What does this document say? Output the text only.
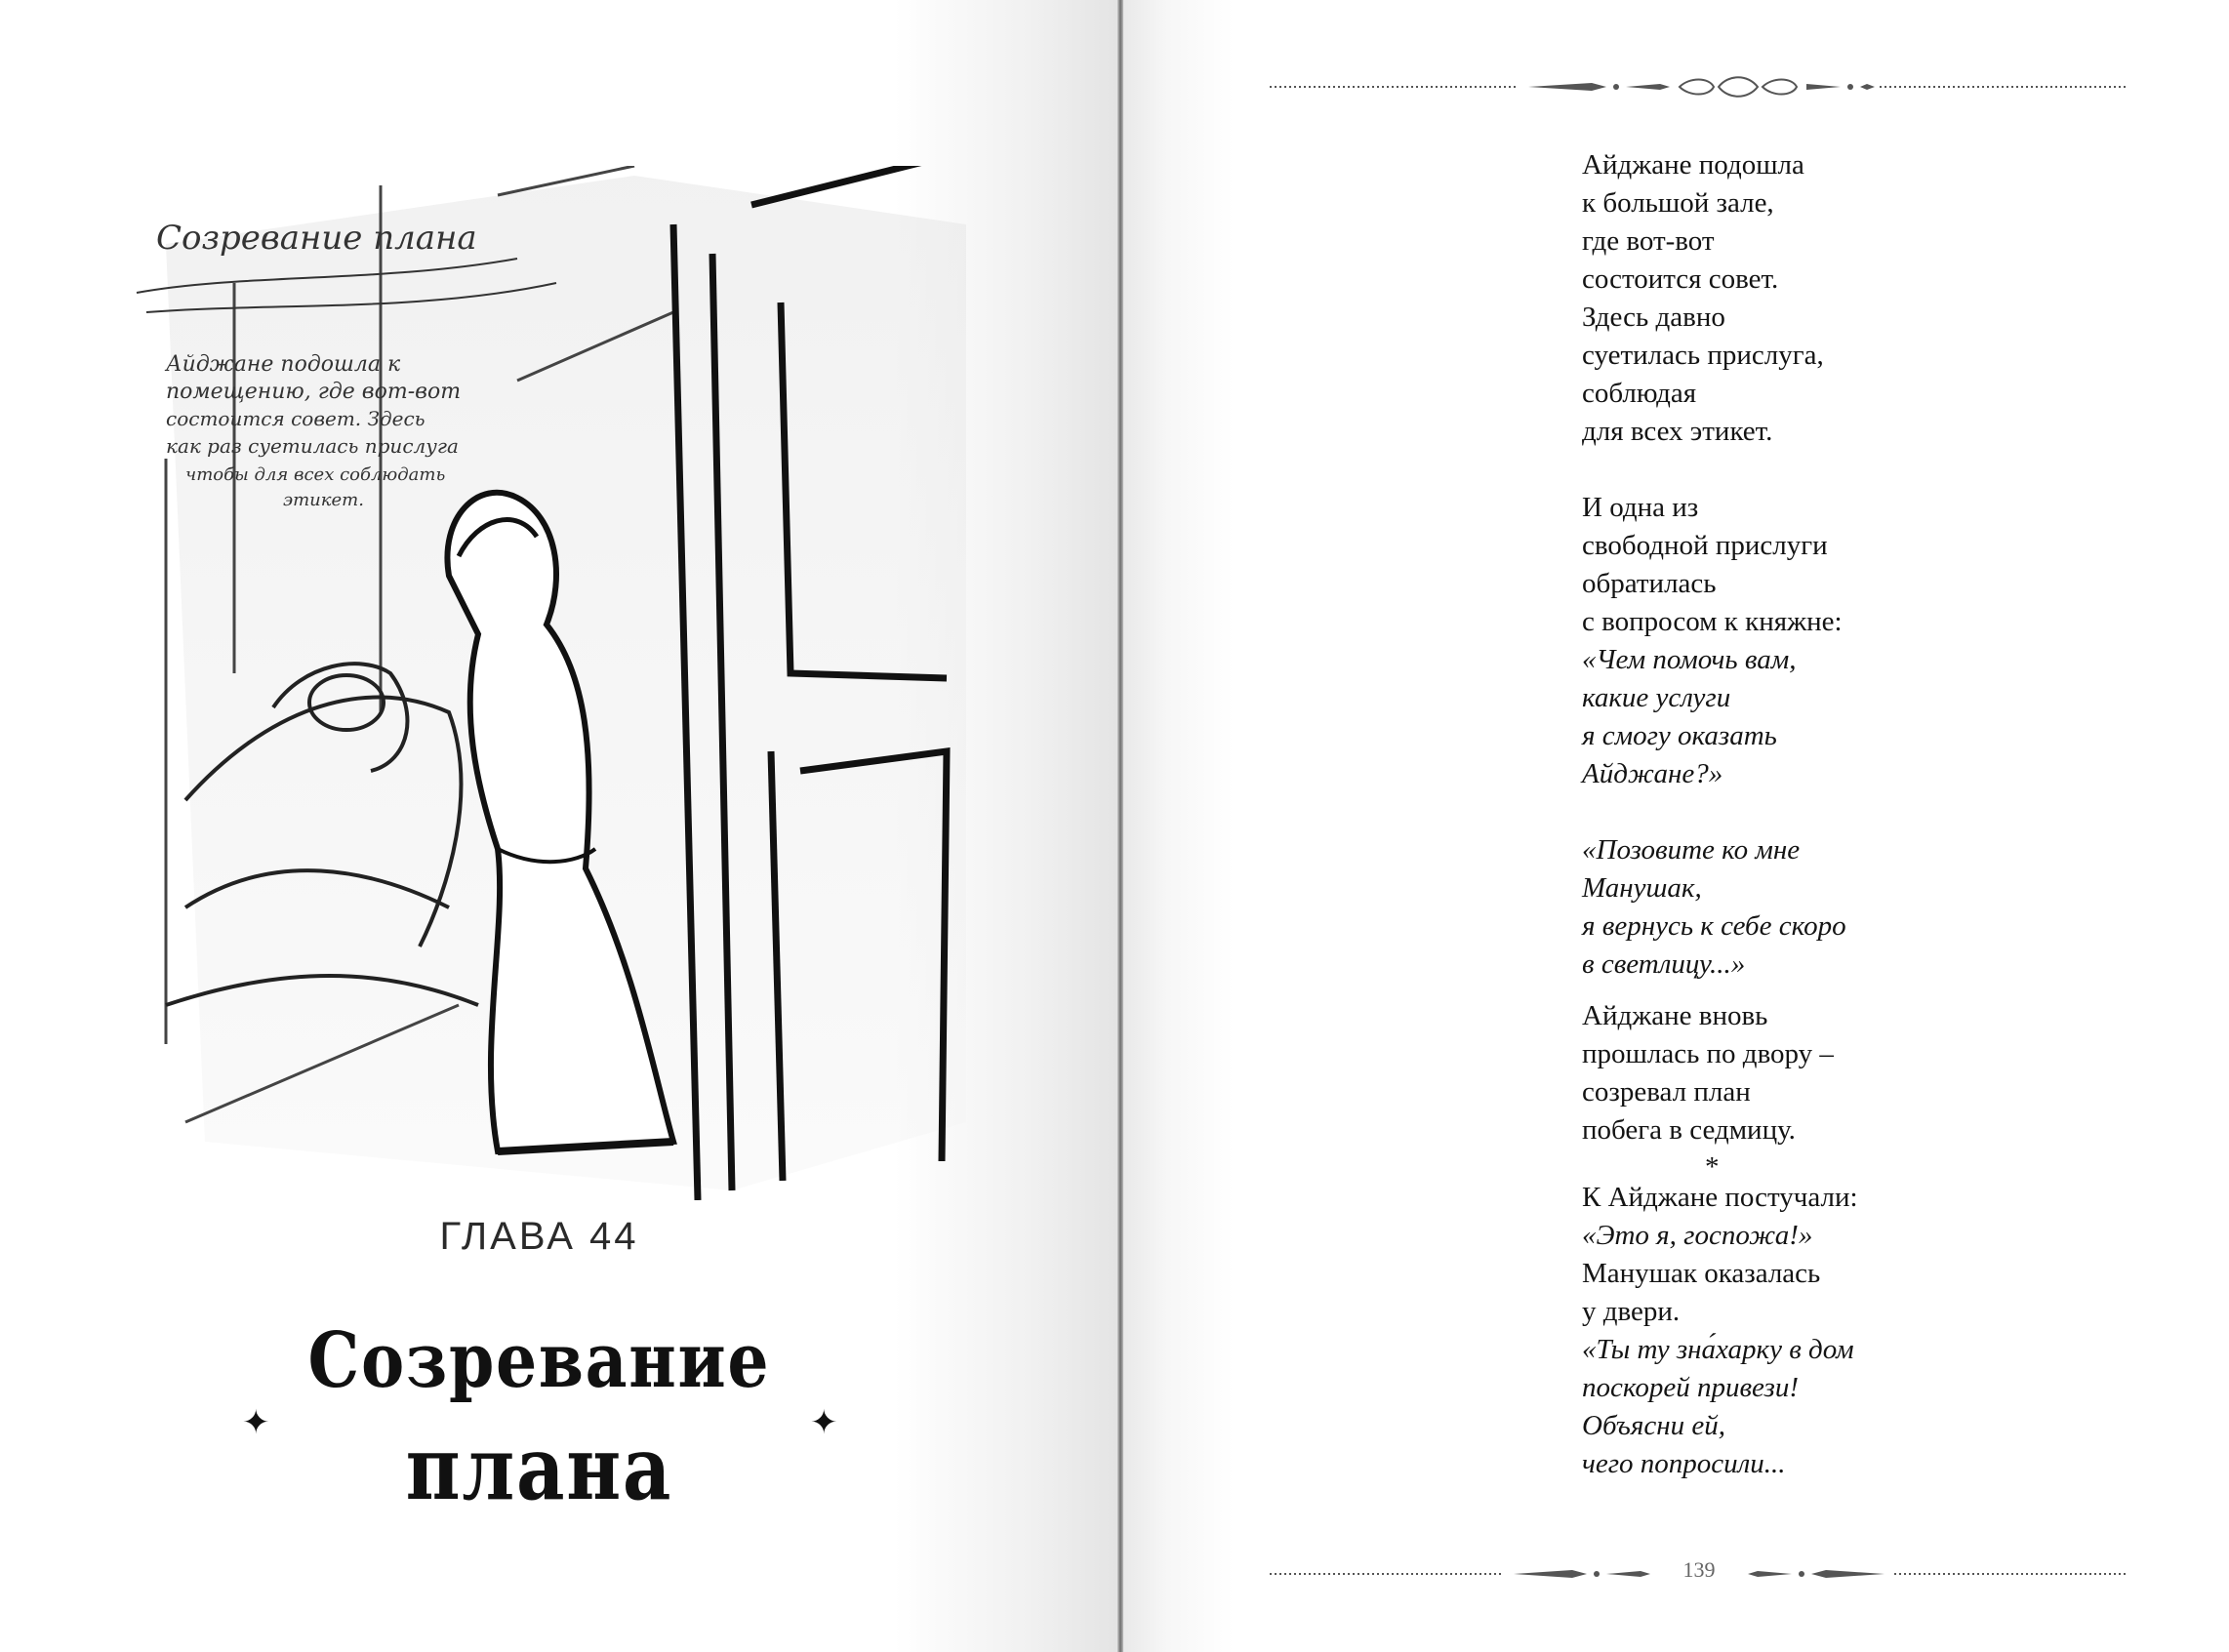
Созревание плана
Айджане подошла к
помещению, где вот-вот
состоится совет. Здесь
как раз суетилась прислуга
чтобы для всех соблюдать
этикет.
ГЛАВА 44
Созревание
плана
✦	✦
Айджане подошла
к большой зале,
где вот-вот
состоится совет.
Здесь давно
суетилась прислуга,
соблюдая
для всех этикет.
И одна из
свободной прислуги
обратилась
с вопросом к княжне:
«Чем помочь вам,
какие услуги
я смогу оказать
Айджане?»
«Позовите ко мне
Манушак,
я вернусь к себе скоро
в светлицу...»
Айджане вновь
прошлась по двору –
созревал план
побега в седмицу.
*
К Айджане постучали:
«Это я, госпожа!»
Манушак оказалась
у двери.
«Ты ту зна́харку в дом
поскорей привези!
Объясни ей,
чего попросили...
139
